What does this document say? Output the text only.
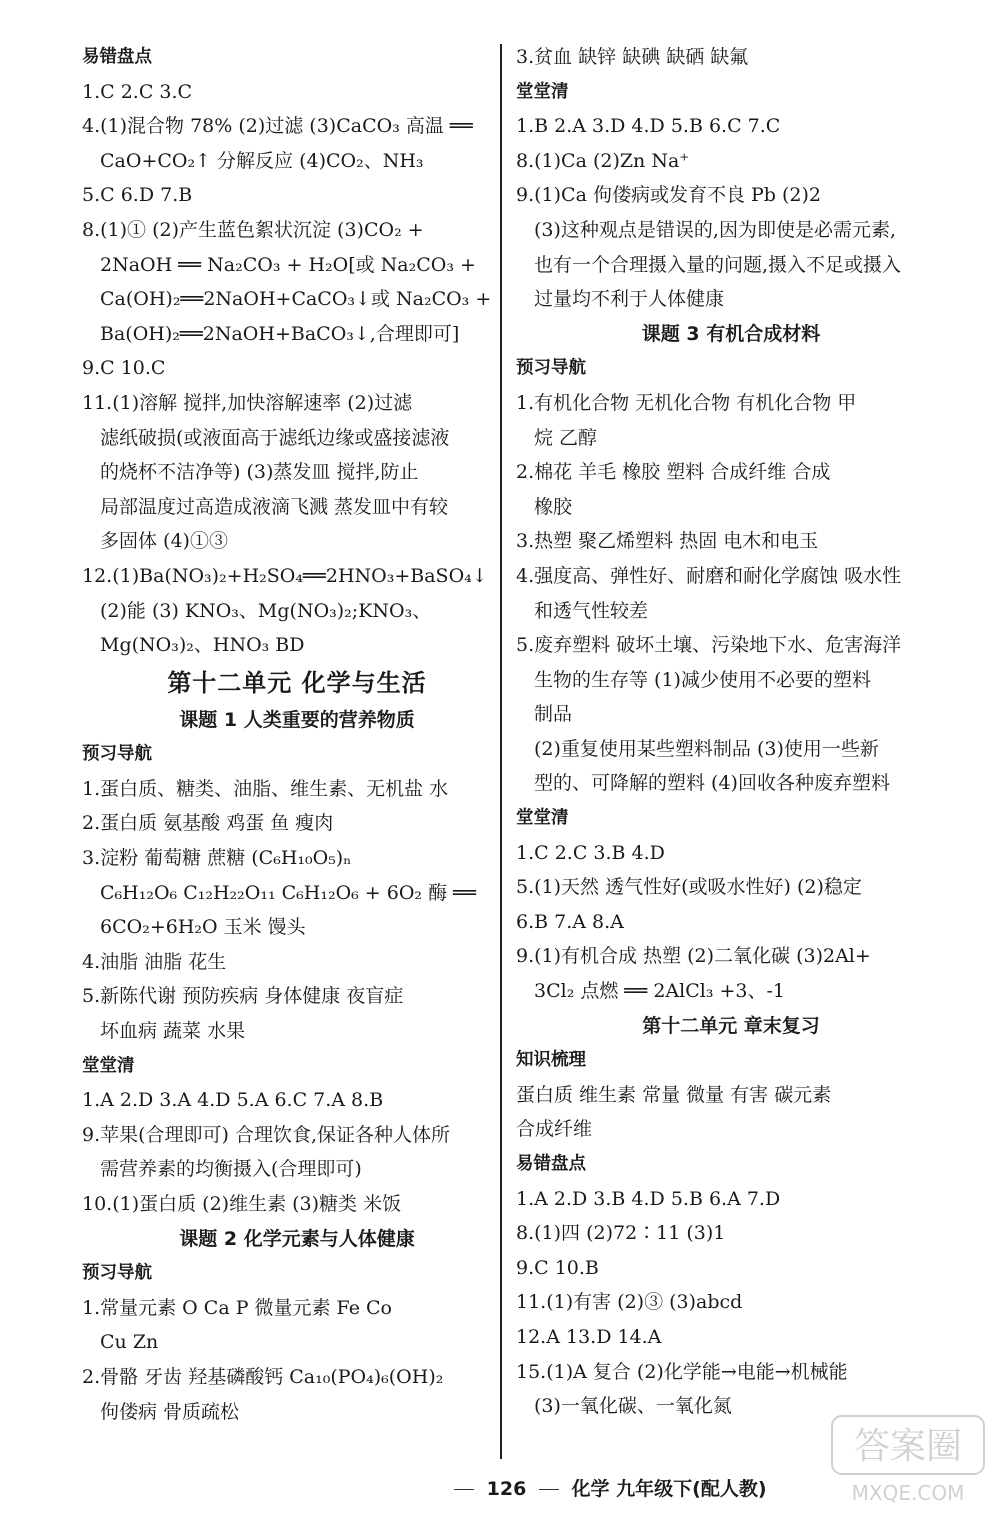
易错盘点
1.C 2.C 3.C
4.(1)混合物 78% (2)过滤 (3)CaCO₃ 高温 ══
CaO+CO₂↑ 分解反应 (4)CO₂、NH₃
5.C 6.D 7.B
8.(1)① (2)产生蓝色絮状沉淀 (3)CO₂ +
2NaOH ══ Na₂CO₃ + H₂O[或 Na₂CO₃ +
Ca(OH)₂══2NaOH+CaCO₃↓或 Na₂CO₃ +
Ba(OH)₂══2NaOH+BaCO₃↓,合理即可]
9.C 10.C
11.(1)溶解 搅拌,加快溶解速率 (2)过滤
滤纸破损(或液面高于滤纸边缘或盛接滤液
的烧杯不洁净等) (3)蒸发皿 搅拌,防止
局部温度过高造成液滴飞溅 蒸发皿中有较
多固体 (4)①③
12.(1)Ba(NO₃)₂+H₂SO₄══2HNO₃+BaSO₄↓
(2)能 (3) KNO₃、Mg(NO₃)₂;KNO₃、
Mg(NO₃)₂、HNO₃ BD
第十二单元 化学与生活
课题 1 人类重要的营养物质
预习导航
1.蛋白质、糖类、油脂、维生素、无机盐 水
2.蛋白质 氨基酸 鸡蛋 鱼 瘦肉
3.淀粉 葡萄糖 蔗糖 (C₆H₁₀O₅)ₙ
C₆H₁₂O₆ C₁₂H₂₂O₁₁ C₆H₁₂O₆ + 6O₂ 酶 ══
6CO₂+6H₂O 玉米 馒头
4.油脂 油脂 花生
5.新陈代谢 预防疾病 身体健康 夜盲症
坏血病 蔬菜 水果
堂堂清
1.A 2.D 3.A 4.D 5.A 6.C 7.A 8.B
9.苹果(合理即可) 合理饮食,保证各种人体所
需营养素的均衡摄入(合理即可)
10.(1)蛋白质 (2)维生素 (3)糖类 米饭
课题 2 化学元素与人体健康
预习导航
1.常量元素 O Ca P 微量元素 Fe Co
Cu Zn
2.骨骼 牙齿 羟基磷酸钙 Ca₁₀(PO₄)₆(OH)₂
佝偻病 骨质疏松
3.贫血 缺锌 缺碘 缺硒 缺氟
堂堂清
1.B 2.A 3.D 4.D 5.B 6.C 7.C
8.(1)Ca (2)Zn Na⁺
9.(1)Ca 佝偻病或发育不良 Pb (2)2
(3)这种观点是错误的,因为即使是必需元素,
也有一个合理摄入量的问题,摄入不足或摄入
过量均不利于人体健康
课题 3 有机合成材料
预习导航
1.有机化合物 无机化合物 有机化合物 甲
烷 乙醇
2.棉花 羊毛 橡胶 塑料 合成纤维 合成
橡胶
3.热塑 聚乙烯塑料 热固 电木和电玉
4.强度高、弹性好、耐磨和耐化学腐蚀 吸水性
和透气性较差
5.废弃塑料 破坏土壤、污染地下水、危害海洋
生物的生存等 (1)减少使用不必要的塑料
制品
(2)重复使用某些塑料制品 (3)使用一些新
型的、可降解的塑料 (4)回收各种废弃塑料
堂堂清
1.C 2.C 3.B 4.D
5.(1)天然 透气性好(或吸水性好) (2)稳定
6.B 7.A 8.A
9.(1)有机合成 热塑 (2)二氧化碳 (3)2Al+
3Cl₂ 点燃 ══ 2AlCl₃ +3、-1
第十二单元 章末复习
知识梳理
蛋白质 维生素 常量 微量 有害 碳元素
合成纤维
易错盘点
1.A 2.D 3.B 4.D 5.B 6.A 7.D
8.(1)四 (2)72∶11 (3)1
9.C 10.B
11.(1)有害 (2)③ (3)abcd
12.A 13.D 14.A
15.(1)A 复合 (2)化学能→电能→机械能
(3)一氧化碳、一氧化氮
126 化学 九年级下(配人教)
答案圈
MXQE.COM
